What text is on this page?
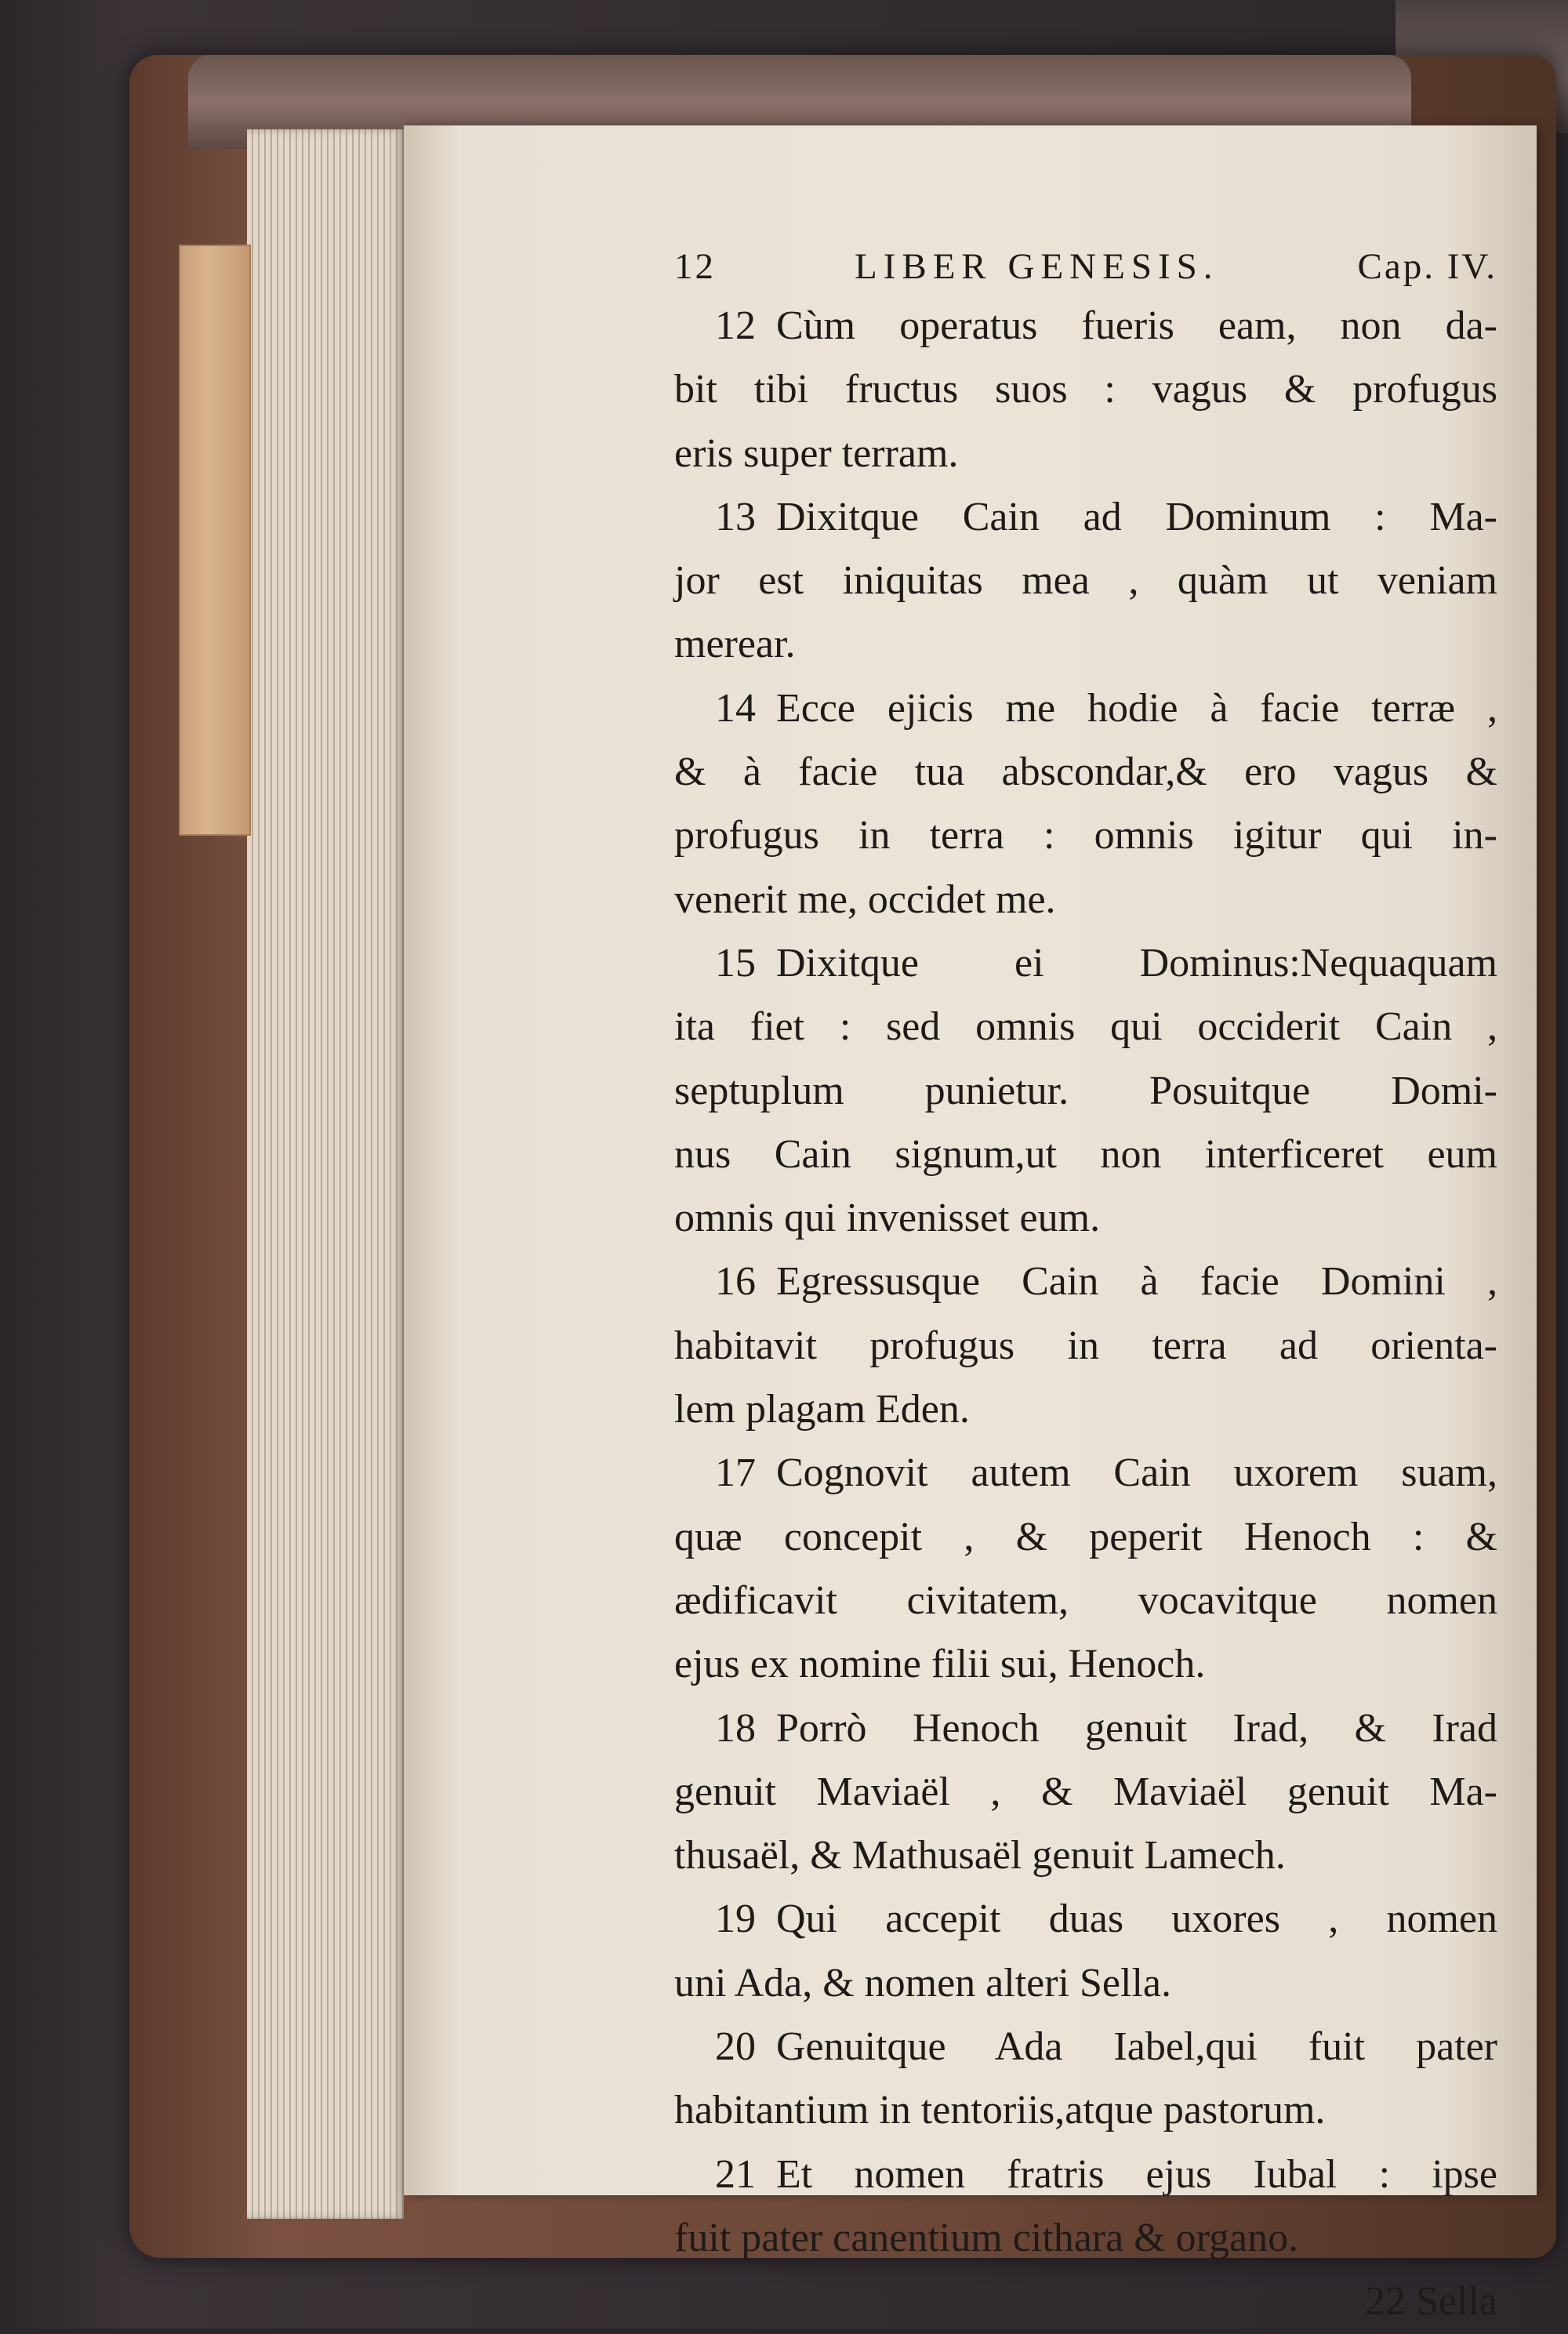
12	LIBER GENESIS.	Cap. IV.
12  Cùm operatus fueris eam, non da-
bit tibi fructus suos : vagus & profugus
eris super terram.
13  Dixitque Cain ad Dominum : Ma-
jor est iniquitas mea , quàm ut veniam
merear.
14  Ecce ejicis me hodie à facie terræ ,
& à facie tua abscondar,& ero vagus &
profugus in terra : omnis igitur qui in-
venerit me, occidet me.
15  Dixitque ei Dominus:Nequaquam
ita fiet : sed omnis qui occiderit Cain ,
septuplum punietur. Posuitque Domi-
nus Cain signum,ut non interficeret eum
omnis qui invenisset eum.
16  Egressusque Cain à facie Domini ,
habitavit profugus in terra ad orienta-
lem plagam Eden.
17  Cognovit autem Cain uxorem suam,
quæ concepit , & peperit Henoch : &
ædificavit civitatem, vocavitque nomen
ejus ex nomine filii sui, Henoch.
18  Porrò Henoch genuit Irad, & Irad
genuit Maviaël , & Maviaël genuit Ma-
thusaël, & Mathusaël genuit Lamech.
19  Qui accepit duas uxores , nomen
uni Ada, & nomen alteri Sella.
20  Genuitque Ada Iabel,qui fuit pater
habitantium in tentoriis,atque pastorum.
21  Et nomen fratris ejus Iubal : ipse
fuit pater canentium cithara & organo.
22 Sella
